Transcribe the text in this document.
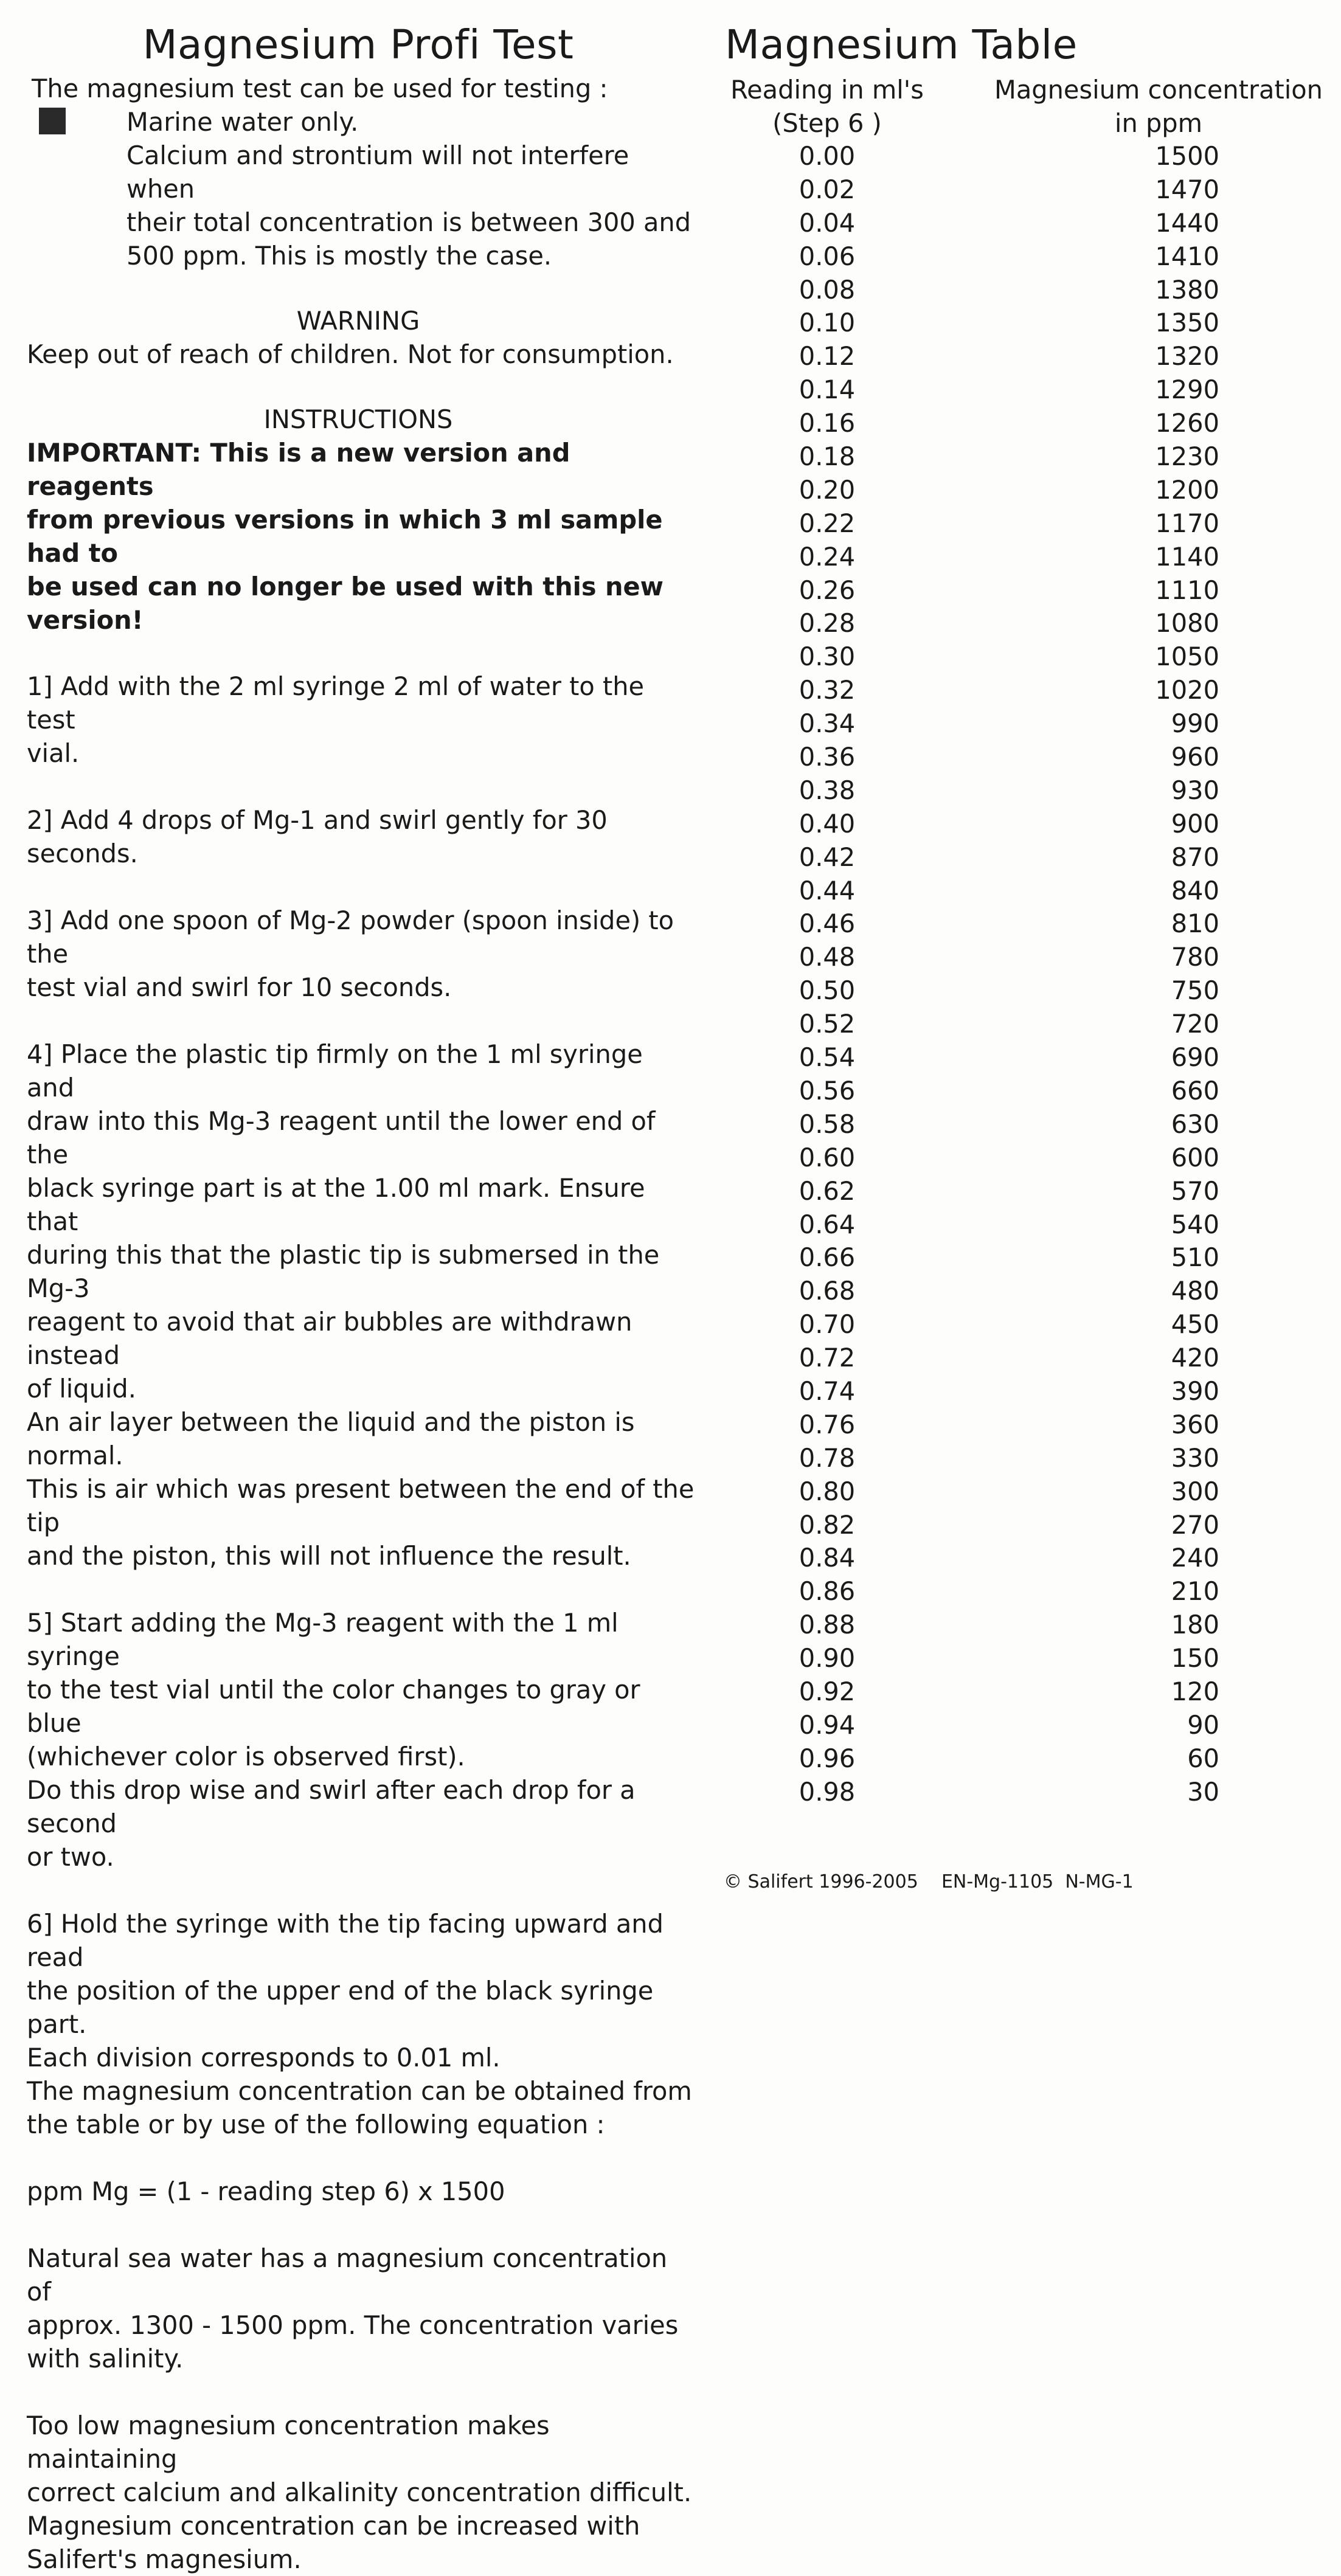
Magnesium Profi Test

The magnesium test can be used for testing :

Marine water only.
Calcium and strontium will not interfere when
their total concentration is between 300 and
500 ppm. This is mostly the case.

WARNING

Keep out of reach of children. Not for consumption.

INSTRUCTIONS

IMPORTANT: This is a new version and reagents
from previous versions in which 3 ml sample had to
be used can no longer be used with this new
version!

1] Add with the 2 ml syringe 2 ml of water to the test
vial.

2] Add 4 drops of Mg-1 and swirl gently for 30 seconds.

3] Add one spoon of Mg-2 powder (spoon inside) to the
test vial and swirl for 10 seconds.

4] Place the plastic tip firmly on the 1 ml syringe and
draw into this Mg-3 reagent until the lower end of the
black syringe part is at the 1.00 ml mark. Ensure that
during this that the plastic tip is submersed in the Mg-3
reagent to avoid that air bubbles are withdrawn instead
of liquid.
An air layer between the liquid and the piston is normal.
This is air which was present between the end of the tip
and the piston, this will not influence the result.

5] Start adding the Mg-3 reagent with the 1 ml syringe
to the test vial until the color changes to gray or blue
(whichever color is observed first).
Do this drop wise and swirl after each drop for a second
or two.

6] Hold the syringe with the tip facing upward and read
the position of the upper end of the black syringe part.
Each division corresponds to 0.01 ml.
The magnesium concentration can be obtained from
the table or by use of the following equation :

ppm Mg = (1 - reading step 6) x 1500

Natural sea water has a magnesium concentration of
approx. 1300 - 1500 ppm. The concentration varies
with salinity.

Too low magnesium concentration makes maintaining
correct calcium and alkalinity concentration difficult.
Magnesium concentration can be increased with
Salifert's magnesium.

Magnesium Table
Reading in ml's
(Step 6 )
Magnesium concentration
in ppm
0.00	1500
0.02	1470
0.04	1440
0.06	1410
0.08	1380
0.10	1350
0.12	1320
0.14	1290
0.16	1260
0.18	1230
0.20	1200
0.22	1170
0.24	1140
0.26	1110
0.28	1080
0.30	1050
0.32	1020
0.34	990
0.36	960
0.38	930
0.40	900
0.42	870
0.44	840
0.46	810
0.48	780
0.50	750
0.52	720
0.54	690
0.56	660
0.58	630
0.60	600
0.62	570
0.64	540
0.66	510
0.68	480
0.70	450
0.72	420
0.74	390
0.76	360
0.78	330
0.80	300
0.82	270
0.84	240
0.86	210
0.88	180
0.90	150
0.92	120
0.94	90
0.96	60
0.98	30
© Salifert 1996-2005    EN-Mg-1105  N-MG-1
